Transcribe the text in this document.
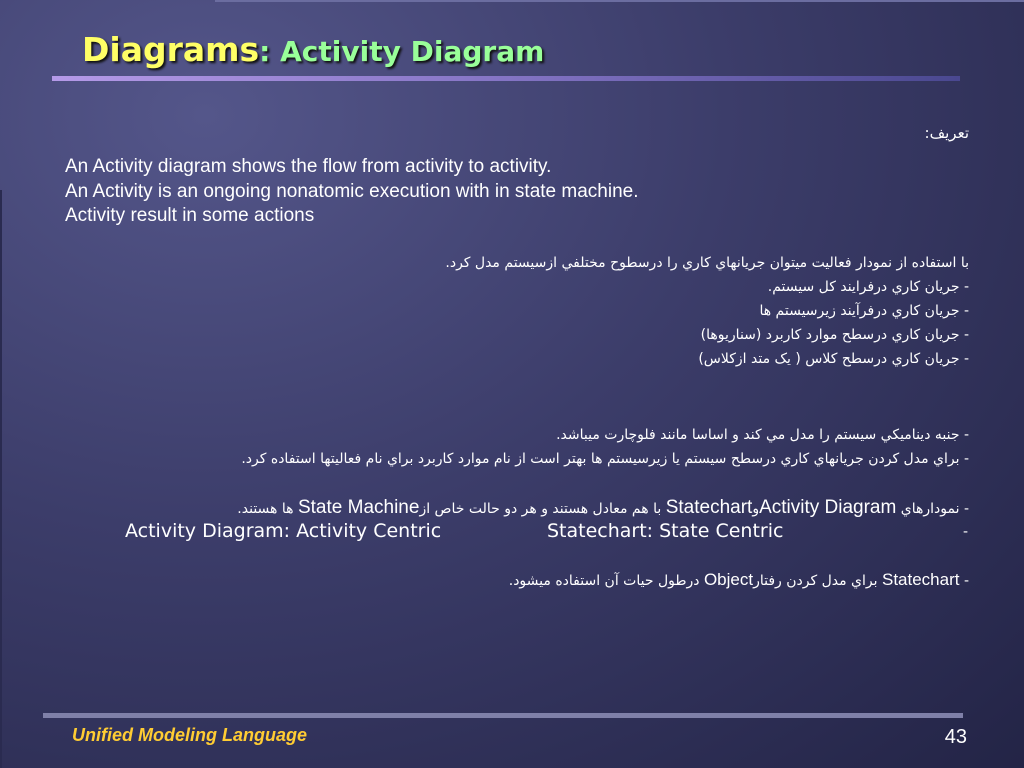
Diagrams: Activity Diagram

تعريف:

An Activity diagram shows the flow from activity to activity.
An Activity is an ongoing nonatomic execution with in state machine.
Activity result in some actions

با استفاده از نمودار فعاليت ميتوان جريانهاي كاري را درسطوح مختلفي ازسيستم مدل كرد.

- جريان كاري درفرايند كل سيستم.

- جريان كاري درفرآيند زيرسيستم ها

- جريان كاري درسطح موارد كاربرد (سناريوها)

- جريان كاري درسطح كلاس ( يک متد ازكلاس)

- جنبه ديناميكي سيستم را مدل مي كند و اساسا مانند فلوچارت ميباشد.

- براي مدل كردن جريانهاي كاري درسطح سيستم يا زيرسيستم ها بهتر است از نام موارد كاربرد براي نام فعاليتها استفاده كرد.

- نمودارهاي Activity DiagramوStatechart با هم معادل هستند و هر دو حالت خاص ازState Machine ها هستند.

Activity Diagram: Activity Centric	Statechart: State Centric	-

- Statechart براي مدل كردن رفتارObject درطول حيات آن استفاده ميشود.

Unified Modeling Language	43
